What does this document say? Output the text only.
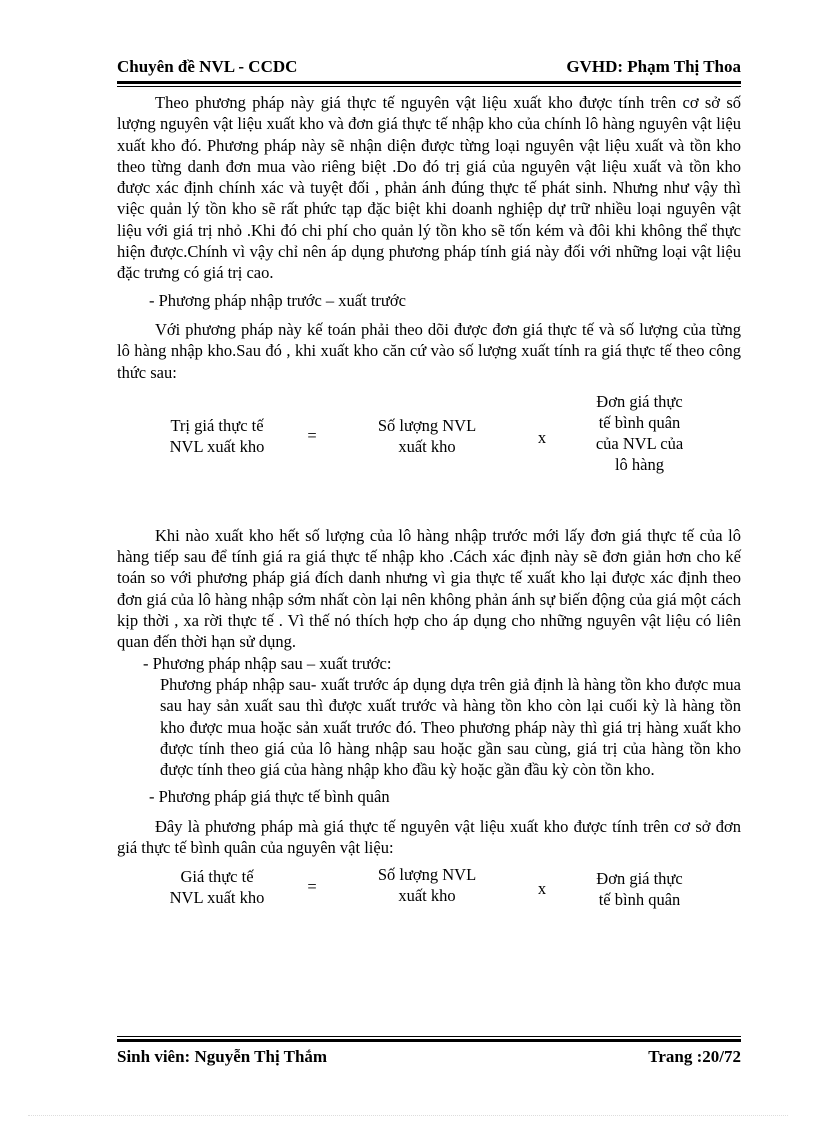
Chuyên đề NVL - CCDC	GVHD: Phạm Thị Thoa

Theo phương pháp này giá thực tế nguyên vật liệu xuất kho được tính trên cơ sở số lượng nguyên vật liệu xuất kho và đơn giá thực tế nhập kho của chính lô hàng nguyên vật liệu xuất kho đó. Phương pháp này sẽ nhận diện được từng loại nguyên vật liệu xuất và tồn kho theo từng danh đơn mua vào riêng biệt .Do đó trị giá của nguyên vật liệu xuất và tồn kho được xác định chính xác và tuyệt đối , phản ánh đúng thực tế phát sinh. Nhưng như vậy thì việc quản lý tồn kho sẽ rất phức tạp đặc biệt khi doanh nghiệp dự trữ nhiều loại nguyên vật liệu với giá trị nhỏ .Khi đó chi phí cho quản lý tồn kho sẽ tốn kém và đôi khi không thể thực hiện được.Chính vì vậy chỉ nên áp dụng phương pháp tính giá này đối với những loại vật liệu đặc trưng có giá trị cao.

- Phương pháp nhập trước – xuất trước

Với phương pháp này kế toán phải theo dõi được đơn giá thực tế và số lượng của từng lô hàng nhập kho.Sau đó , khi xuất kho căn cứ vào số lượng xuất tính ra giá thực tế theo công thức sau:

Trị giá thực tế
NVL xuất kho
=
Số lượng NVL
xuất kho	x
Đơn giá thực
tế bình quân
của NVL của
lô hàng

Khi nào xuất kho hết số lượng của lô hàng nhập trước mới lấy đơn giá thực tế của lô hàng tiếp sau để tính giá ra giá thực tế nhập kho .Cách xác định này sẽ đơn giản hơn cho kế toán so với phương pháp giá đích danh nhưng vì gia thực tế xuất kho lại được xác định theo đơn giá của lô hàng nhập sớm nhất còn lại nên không phản ánh sự biến động của giá một cách kịp thời , xa rời thực tế . Vì thế nó thích hợp cho áp dụng cho những nguyên vật liệu có liên quan đến thời hạn sử dụng.

- Phương pháp nhập sau – xuất trước:

Phương pháp nhập sau- xuất trước áp dụng dựa trên giả định là hàng tồn kho được mua sau hay sản xuất sau thì được xuất trước và hàng tồn kho còn lại cuối kỳ là hàng tồn kho được mua hoặc sản xuất trước đó. Theo phương pháp này thì giá trị hàng xuất kho được tính theo giá của lô hàng nhập sau hoặc gần sau cùng, giá trị của hàng tồn kho được tính theo giá của hàng nhập kho đầu kỳ hoặc gần đầu kỳ còn tồn kho.

- Phương pháp giá thực tế bình quân

Đây là phương pháp mà giá thực tế nguyên vật liệu xuất kho được tính trên cơ sở đơn giá thực tế bình quân của nguyên vật liệu:

Giá thực tế
NVL xuất kho
=
Số lượng NVL
xuất kho	x
Đơn giá thực
tế bình quân
Sinh viên: Nguyễn Thị Thắm	Trang :20/72
